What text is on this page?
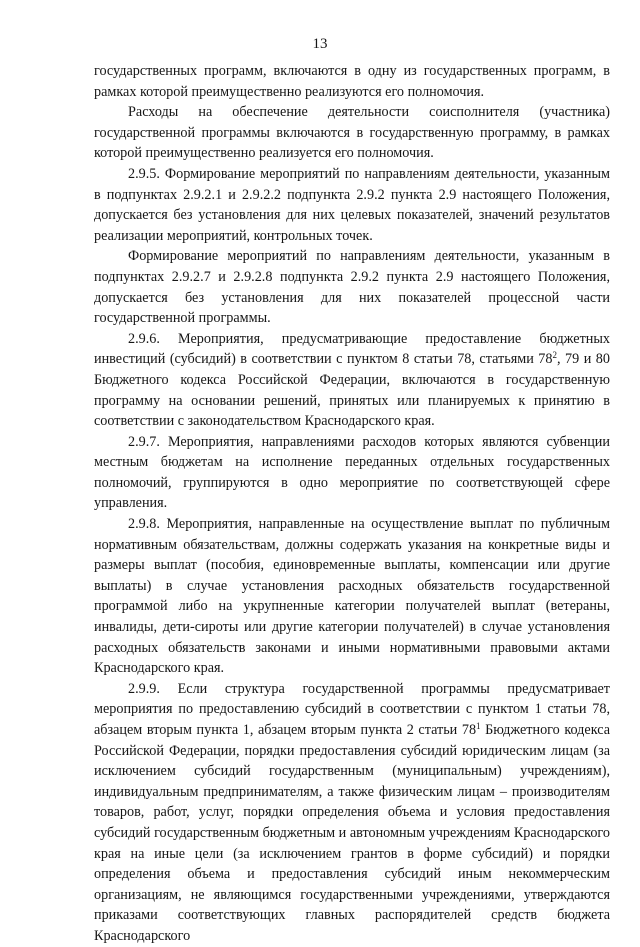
13

государственных программ, включаются в одну из государственных программ, в рамках которой преимущественно реализуются его полномочия.

Расходы на обеспечение деятельности соисполнителя (участника) государственной программы включаются в государственную программу, в рамках которой преимущественно реализуется его полномочия.

2.9.5. Формирование мероприятий по направлениям деятельности, указанным в подпунктах 2.9.2.1 и 2.9.2.2 подпункта 2.9.2 пункта 2.9 настоящего Положения, допускается без установления для них целевых показателей, значений результатов реализации мероприятий, контрольных точек.

Формирование мероприятий по направлениям деятельности, указанным в подпунктах 2.9.2.7 и 2.9.2.8 подпункта 2.9.2 пункта 2.9 настоящего Положения, допускается без установления для них показателей процессной части государственной программы.

2.9.6. Мероприятия, предусматривающие предоставление бюджетных инвестиций (субсидий) в соответствии с пунктом 8 статьи 78, статьями $78^2$, 79 и 80 Бюджетного кодекса Российской Федерации, включаются в государственную программу на основании решений, принятых или планируемых к принятию в соответствии с законодательством Краснодарского края.

2.9.7. Мероприятия, направлениями расходов которых являются субвенции местным бюджетам на исполнение переданных отдельных государственных полномочий, группируются в одно мероприятие по соответствующей сфере управления.

2.9.8. Мероприятия, направленные на осуществление выплат по публичным нормативным обязательствам, должны содержать указания на конкретные виды и размеры выплат (пособия, единовременные выплаты, компенсации или другие выплаты) в случае установления расходных обязательств государственной программой либо на укрупненные категории получателей выплат (ветераны, инвалиды, дети-сироты или другие категории получателей) в случае установления расходных обязательств законами и иными нормативными правовыми актами Краснодарского края.

2.9.9. Если структура государственной программы предусматривает мероприятия по предоставлению субсидий в соответствии с пунктом 1 статьи 78, абзацем вторым пункта 1, абзацем вторым пункта 2 статьи $78^1$ Бюджетного кодекса Российской Федерации, порядки предоставления субсидий юридическим лицам (за исключением субсидий государственным (муниципальным) учреждениям), индивидуальным предпринимателям, а также физическим лицам – производителям товаров, работ, услуг, порядки определения объема и условия предоставления субсидий государственным бюджетным и автономным учреждениям Краснодарского края на иные цели (за исключением грантов в форме субсидий) и порядки определения объема и предоставления субсидий иным некоммерческим организациям, не являющимся государственными учреждениями, утверждаются приказами соответствующих главных распорядителей средств бюджета Краснодарского
